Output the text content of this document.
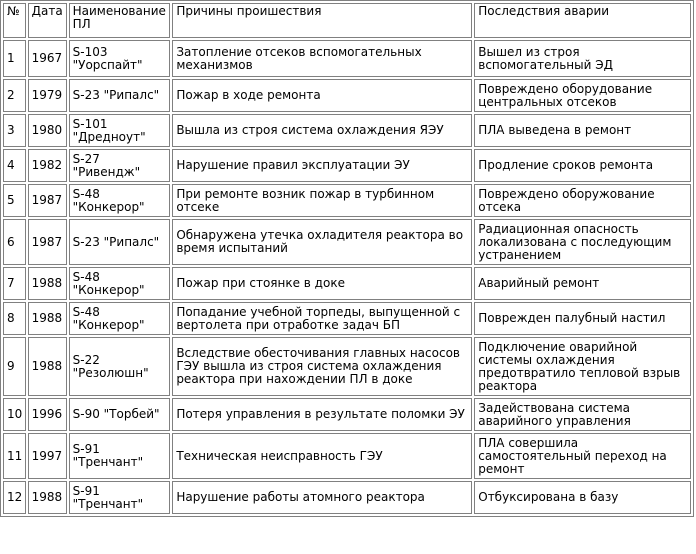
№	Дата	Наименование ПЛ	Причины проишествия	Последствия аварии
1	1967	S-103 "Уорспайт"	Затопление отсеков вспомогательных механизмов	Вышел из строя вспомогательный ЭД
2	1979	S-23 "Рипалс"	Пожар в ходе ремонта	Повреждено оборудование центральных отсеков
3	1980	S-101 "Дредноут"	Вышла из строя система охлаждения ЯЭУ	ПЛА выведена в ремонт
4	1982	S-27 "Ривендж"	Нарушение правил эксплуатации ЭУ	Продление сроков ремонта
5	1987	S-48 "Конкерор"	При ремонте возник пожар в турбинном отсеке	Повреждено оборужование отсека
6	1987	S-23 "Рипалс"	Обнаружена утечка охладителя реактора во время испытаний	Радиационная опасность локализована с последующим устранением
7	1988	S-48 "Конкерор"	Пожар при стоянке в доке	Аварийный ремонт
8	1988	S-48 "Конкерор"	Попадание учебной торпеды, выпущенной с вертолета при отработке задач БП	Поврежден палубный настил
9	1988	S-22 "Резолюшн"	Вследствие обесточивания главных насосов ГЭУ вышла из строя система охлаждения реактора при нахождении ПЛ в доке	Подключение оварийной системы охлаждения предотвратило тепловой взрыв реактора
10	1996	S-90 "Торбей"	Потеря управления в результате поломки ЭУ	Задействована система аварийного управления
11	1997	S-91 "Тренчант"	Техническая неисправность ГЭУ	ПЛА совершила самостоятельный переход на ремонт
12	1988	S-91 "Тренчант"	Нарушение работы атомного реактора	Отбуксирована в базу
